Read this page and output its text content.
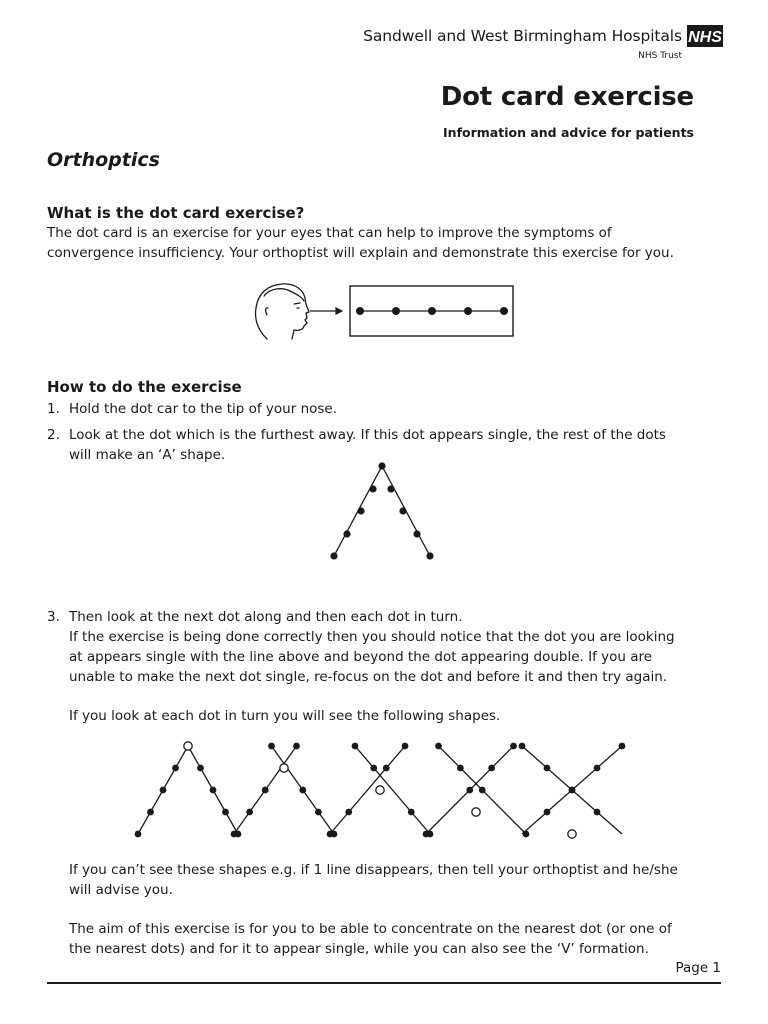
Sandwell and West Birmingham Hospitals NHS
NHS Trust
Dot card exercise
Information and advice for patients
Orthoptics
What is the dot card exercise?
The dot card is an exercise for your eyes that can help to improve the symptoms of
convergence insufficiency. Your orthoptist will explain and demonstrate this exercise for you.
How to do the exercise
1. Hold the dot car to the tip of your nose.
2. Look at the dot which is the furthest away. If this dot appears single, the rest of the dots
will make an ‘A’ shape.
3. Then look at the next dot along and then each dot in turn.
If the exercise is being done correctly then you should notice that the dot you are looking
at appears single with the line above and beyond the dot appearing double. If you are
unable to make the next dot single, re-focus on the dot and before it and then try again.
If you look at each dot in turn you will see the following shapes.
If you can’t see these shapes e.g. if 1 line disappears, then tell your orthoptist and he/she
will advise you.
The aim of this exercise is for you to be able to concentrate on the nearest dot (or one of
the nearest dots) and for it to appear single, while you can also see the ‘V’ formation.
Page 1
